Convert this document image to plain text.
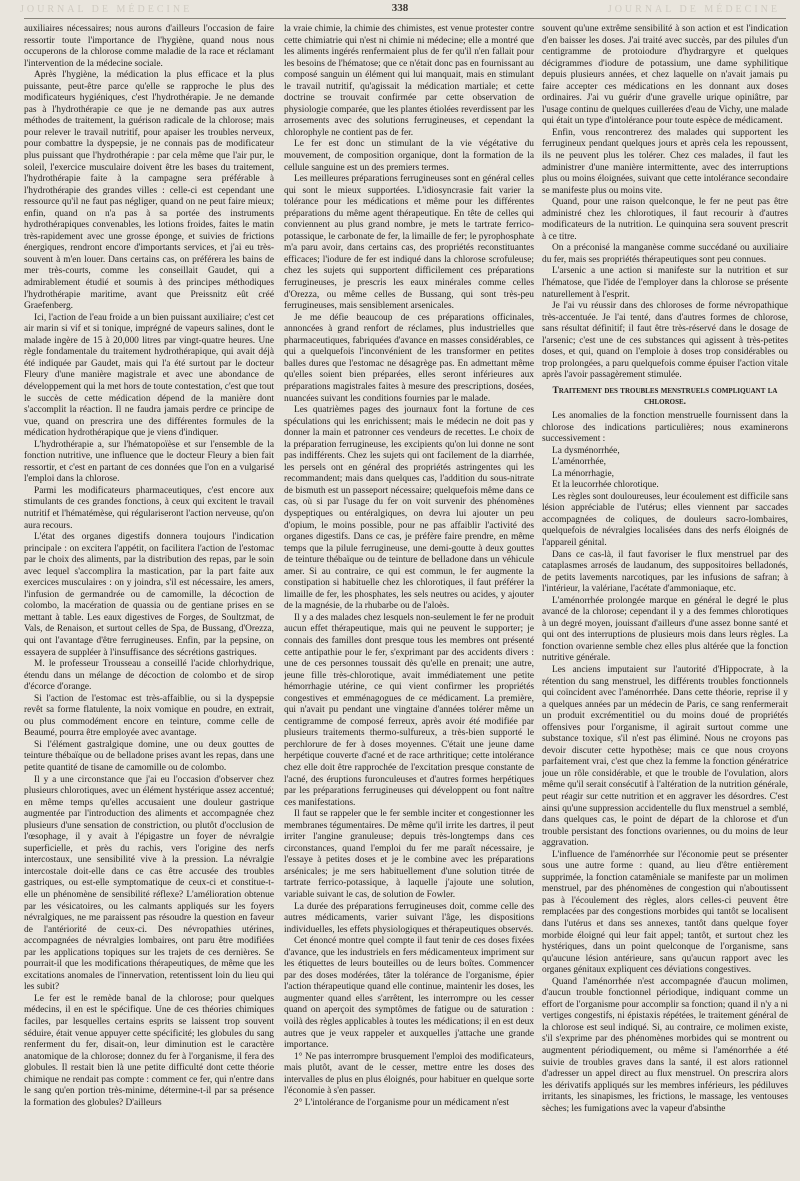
JOURNAL DE MÉDECINE	338	JOURNAL DE MÉDECINE

auxiliaires nécessaires; nous aurons d'ailleurs l'occasion de faire ressortir toute l'importance de l'hygiène, quand nous nous occuperons de la chlorose comme maladie de la race et réclamant l'intervention de la médecine sociale.

Après l'hygiène, la médication la plus efficace et la plus puissante, peut-être parce qu'elle se rapproche le plus des modificateurs hygiéniques, c'est l'hydrothérapie. Je ne demande pas à l'hydrothérapie ce que je ne demande pas aux autres méthodes de traitement, la guérison radicale de la chlorose; mais pour relever le travail nutritif, pour apaiser les troubles nerveux, pour combattre la dyspepsie, je ne connais pas de modificateur plus puissant que l'hydrothérapie : par cela même que l'air pur, le soleil, l'exercice musculaire doivent être les bases du traitement, l'hydrothérapie faite à la campagne sera préférable à l'hydrothérapie des grandes villes : celle-ci est cependant une ressource qu'il ne faut pas négliger, quand on ne peut faire mieux; enfin, quand on n'a pas à sa portée des instruments hydrothérapiques convenables, les lotions froides, faites le matin très-rapidement avec une grosse éponge, et suivies de frictions énergiques, rendront encore d'importants services, et j'ai eu très-souvent à m'en louer. Dans certains cas, on préférera les bains de mer très-courts, comme les conseillait Gaudet, qui a admirablement étudié et soumis à des principes méthodiques l'hydrothérapie maritime, avant que Preissnitz eût créé Graefenberg.

Ici, l'action de l'eau froide a un bien puissant auxiliaire; c'est cet air marin si vif et si tonique, imprégné de vapeurs salines, dont le malade ingère de 15 à 20,000 litres par vingt-quatre heures. Une règle fondamentale du traitement hydrothérapique, qui avait déjà été indiquée par Gaudet, mais qui l'a été surtout par le docteur Fleury d'une manière magistrale et avec une abondance de développement qui la met hors de toute contestation, c'est que tout le succès de cette médication dépend de la manière dont s'accomplit la réaction. Il ne faudra jamais perdre ce principe de vue, quand on prescrira une des différentes formules de la médication hydrothérapique que je viens d'indiquer.

L'hydrothérapie a, sur l'hématopoïèse et sur l'ensemble de la fonction nutritive, une influence que le docteur Fleury a bien fait ressortir, et c'est en partant de ces données que l'on en a vulgarisé l'emploi dans la chlorose.

Parmi les modificateurs pharmaceutiques, c'est encore aux stimulants de ces grandes fonctions, à ceux qui excitent le travail nutritif et l'hématémèse, qui régulariseront l'action nerveuse, qu'on aura recours.

L'état des organes digestifs donnera toujours l'indication principale : on excitera l'appétit, on facilitera l'action de l'estomac par le choix des aliments, par la distribution des repas, par le soin avec lequel s'accomplira la mastication, par la part faite aux exercices musculaires : on y joindra, s'il est nécessaire, les amers, l'infusion de germandrée ou de camomille, la décoction de colombo, la macération de quassia ou de gentiane prises en se mettant à table. Les eaux digestives de Forges, de Soultzmat, de Vals, de Renaison, et surtout celles de Spa, de Bussang, d'Orezza, qui ont l'avantage d'être ferrugineuses. Enfin, par la pepsine, on essayera de suppléer à l'insuffisance des sécrétions gastriques.

M. le professeur Trousseau a conseillé l'acide chlorhydrique, étendu dans un mélange de décoction de colombo et de sirop d'écorce d'orange.

Si l'action de l'estomac est très-affaiblie, ou si la dyspepsie revêt sa forme flatulente, la noix vomique en poudre, en extrait, ou plus commodément encore en teinture, comme celle de Beaumé, pourra être employée avec avantage.

Si l'élément gastralgique domine, une ou deux gouttes de teinture thébaïque ou de belladone prises avant les repas, dans une petite quantité de tisane de camomille ou de colombo.

Il y a une circonstance que j'ai eu l'occasion d'observer chez plusieurs chlorotiques, avec un élément hystérique assez accentué; en même temps qu'elles accusaient une douleur gastrique augmentée par l'introduction des aliments et accompagnée chez plusieurs d'une sensation de constriction, ou plutôt d'occlusion de l'œsophage, il y avait à l'épigastre un foyer de névralgie superficielle, et près du rachis, vers l'origine des nerfs intercostaux, une sensibilité vive à la pression. La névralgie intercostale doit-elle dans ce cas être accusée des troubles gastriques, ou est-elle symptomatique de ceux-ci et constitue-t-elle un phénomène de sensibilité réflexe? L'amélioration obtenue par les vésicatoires, ou les calmants appliqués sur les foyers névralgiques, ne me paraissent pas résoudre la question en faveur de l'antériorité de ceux-ci. Des névropathies utérines, accompagnées de névralgies lombaires, ont paru être modifiées par les applications topiques sur les trajets de ces dernières. Se pourrait-il que les modifications thérapeutiques, de même que les excitations anomales de l'innervation, retentissent loin du lieu qui les subit?

Le fer est le remède banal de la chlorose; pour quelques médecins, il en est le spécifique. Une de ces théories chimiques faciles, par lesquelles certains esprits se laissent trop souvent séduire, était venue appuyer cette spécificité; les globules du sang renferment du fer, disait-on, leur diminution est le caractère anatomique de la chlorose; donnez du fer à l'organisme, il fera des globules. Il restait bien là une petite difficulté dont cette théorie chimique ne rendait pas compte : comment ce fer, qui n'entre dans le sang qu'en portion très-minime, détermine-t-il par sa présence la formation des globules? D'ailleurs

la vraie chimie, la chimie des chimistes, est venue protester contre cette chimiatrie qui n'est ni chimie ni médecine; elle a montré que les aliments ingérés renfermaient plus de fer qu'il n'en fallait pour les besoins de l'hématose; que ce n'était donc pas en fournissant au composé sanguin un élément qui lui manquait, mais en stimulant le travail nutritif, qu'agissait la médication martiale; et cette doctrine se trouvait confirmée par cette observation de physiologie comparée, que les plantes étiolées reverdissent par les arrosements avec des solutions ferrugineuses, et cependant la chlorophyle ne contient pas de fer.

Le fer est donc un stimulant de la vie végétative du mouvement, de composition organique, dont la formation de la cellule sanguine est un des premiers termes.

Les meilleures préparations ferrugineuses sont en général celles qui sont le mieux supportées. L'idiosyncrasie fait varier la tolérance pour les médications et même pour les différentes préparations du même agent thérapeutique. En tête de celles qui conviennent au plus grand nombre, je mets le tartrate ferrico-potassique, le carbonate de fer, la limaille de fer; le pyrophosphate m'a paru avoir, dans certains cas, des propriétés reconstituantes efficaces; l'iodure de fer est indiqué dans la chlorose scrofuleuse; chez les sujets qui supportent difficilement ces préparations ferrugineuses, je prescris les eaux minérales comme celles d'Orezza, ou même celles de Bussang, qui sont très-peu ferrugineuses, mais sensiblement arsenicales.

Je me défie beaucoup de ces préparations officinales, annoncées à grand renfort de réclames, plus industrielles que pharmaceutiques, fabriquées d'avance en masses considérables, ce qui a quelquefois l'inconvénient de les transformer en petites balles dures que l'estomac ne désagrège pas. En admettant même qu'elles soient bien préparées, elles seront inférieures aux préparations magistrales faites à mesure des prescriptions, dosées, nuancées suivant les conditions fournies par le malade.

Les quatrièmes pages des journaux font la fortune de ces spéculations qui les enrichissent; mais le médecin ne doit pas y donner la main et patronner ces vendeurs de recettes. Le choix de la préparation ferrugineuse, les excipients qu'on lui donne ne sont pas indifférents. Chez les sujets qui ont facilement de la diarrhée, les persels ont en général des propriétés astringentes qui les recommandent; mais dans quelques cas, l'addition du sous-nitrate de bismuth est un passeport nécessaire; quelquefois même dans ce cas, où si par l'usage du fer on voit survenir des phénomènes dyspeptiques ou entéralgiques, on devra lui ajouter un peu d'opium, le moins possible, pour ne pas affaiblir l'activité des organes digestifs. Dans ce cas, je préfère faire prendre, en même temps que la pilule ferrugineuse, une demi-goutte à deux gouttes de teinture thébaïque ou de teinture de belladone dans un véhicule amer. Si au contraire, ce qui est commun, le fer augmente la constipation si habituelle chez les chlorotiques, il faut préférer la limaille de fer, les phosphates, les sels neutres ou acides, y ajouter de la magnésie, de la rhubarbe ou de l'aloès.

Il y a des malades chez lesquels non-seulement le fer ne produit aucun effet thérapeutique, mais qui ne peuvent le supporter; je connais des familles dont presque tous les membres ont présenté cette antipathie pour le fer, s'exprimant par des accidents divers : une de ces personnes toussait dès qu'elle en prenait; une autre, jeune fille très-chlorotique, avait immédiatement une petite hémorrhagie utérine, ce qui vient confirmer les propriétés congestives et emménagogues de ce médicament. La première, qui n'avait pu pendant une vingtaine d'années tolérer même un centigramme de composé ferreux, après avoir été modifiée par plusieurs traitements thermo-sulfureux, a très-bien supporté le perchlorure de fer à doses moyennes. C'était une jeune dame herpétique couverte d'acné et de race arthritique; cette intolérance chez elle doit être rapprochée de l'excitation presque constante de l'acné, des éruptions furonculeuses et d'autres formes herpétiques par les préparations ferrugineuses qui développent ou font naître ces manifestations.

Il faut se rappeler que le fer semble inciter et congestionner les membranes tégumentaires. De même qu'il irrite les dartres, il peut irriter l'angine granuleuse; depuis très-longtemps dans ces circonstances, quand l'emploi du fer me paraît nécessaire, je l'essaye à petites doses et je le combine avec les préparations arsénicales; je me sers habituellement d'une solution titrée de tartrate ferrico-potassique, à laquelle j'ajoute une solution, variable suivant le cas, de solution de Fowler.

La durée des préparations ferrugineuses doit, comme celle des autres médicaments, varier suivant l'âge, les dispositions individuelles, les effets physiologiques et thérapeutiques observés.

Cet énoncé montre quel compte il faut tenir de ces doses fixées d'avance, que les industriels en fers médicamenteux impriment sur les étiquettes de leurs bouteilles ou de leurs boîtes. Commencer par des doses modérées, tâter la tolérance de l'organisme, épier l'action thérapeutique quand elle continue, maintenir les doses, les augmenter quand elles s'arrêtent, les interrompre ou les cesser quand on aperçoit des symptômes de fatigue ou de saturation : voilà des règles applicables à toutes les médications; il en est deux autres que je veux rappeler et auxquelles j'attache une grande importance.

1° Ne pas interrompre brusquement l'emploi des modificateurs, mais plutôt, avant de le cesser, mettre entre les doses des intervalles de plus en plus éloignés, pour habituer en quelque sorte l'économie à s'en passer.

2° L'intolérance de l'organisme pour un médicament n'est

souvent qu'une extrême sensibilité à son action et est l'indication d'en baisser les doses. J'ai traité avec succès, par des pilules d'un centigramme de protoiodure d'hydrargyre et quelques décigrammes d'iodure de potassium, une dame syphilitique depuis plusieurs années, et chez laquelle on n'avait jamais pu faire accepter ces médications en les donnant aux doses ordinaires. J'ai vu guérir d'une gravelle urique opiniâtre, par l'usage continu de quelques cuillerées d'eau de Vichy, une malade qui était un type d'intolérance pour toute espèce de médicament.

Enfin, vous rencontrerez des malades qui supportent les ferrugineux pendant quelques jours et après cela les repoussent, ils ne peuvent plus les tolérer. Chez ces malades, il faut les administrer d'une manière intermittente, avec des interruptions plus ou moins éloignées, suivant que cette intolérance secondaire se manifeste plus ou moins vite.

Quand, pour une raison quelconque, le fer ne peut pas être administré chez les chlorotiques, il faut recourir à d'autres modificateurs de la nutrition. Le quinquina sera souvent prescrit à ce titre.

On a préconisé la manganèse comme succédané ou auxiliaire du fer, mais ses propriétés thérapeutiques sont peu connues.

L'arsenic a une action si manifeste sur la nutrition et sur l'hématose, que l'idée de l'employer dans la chlorose se présente naturellement à l'esprit.

Je l'ai vu réussir dans des chloroses de forme névropathique très-accentuée. Je l'ai tenté, dans d'autres formes de chlorose, sans résultat définitif; il faut être très-réservé dans le dosage de l'arsenic; c'est une de ces substances qui agissent à très-petites doses, et qui, quand on l'emploie à doses trop considérables ou trop prolongées, a paru quelquefois comme épuiser l'action vitale après l'avoir passagèrement stimulée.

Traitement des troubles menstruels compliquant la chlorose.

Les anomalies de la fonction menstruelle fournissent dans la chlorose des indications particulières; nous examinerons successivement :

La dysménorrhée,

L'aménorrhée,

La ménorrhagie,

Et la leucorrhée chlorotique.

Les règles sont douloureuses, leur écoulement est difficile sans lésion appréciable de l'utérus; elles viennent par saccades accompagnées de coliques, de douleurs sacro-lombaires, quelquefois de névralgies localisées dans des nerfs éloignés de l'appareil génital.

Dans ce cas-là, il faut favoriser le flux menstruel par des cataplasmes arrosés de laudanum, des suppositoires belladonés, de petits lavements narcotiques, par les infusions de safran; à l'intérieur, la valériane, l'acétate d'ammoniaque, etc.

L'aménorrhée prolongée marque en général le degré le plus avancé de la chlorose; cependant il y a des femmes chlorotiques à un degré moyen, jouissant d'ailleurs d'une assez bonne santé et qui ont des interruptions de plusieurs mois dans leurs règles. La fonction ovarienne semble chez elles plus altérée que la fonction nutritive générale.

Les anciens imputaient sur l'autorité d'Hippocrate, à la rétention du sang menstruel, les différents troubles fonctionnels qui coïncident avec l'aménorrhée. Dans cette théorie, reprise il y a quelques années par un médecin de Paris, ce sang renfermerait un produit excrémentitiel ou du moins doué de propriétés offensives pour l'organisme, il agirait surtout comme une substance toxique, s'il n'est pas éliminé. Nous ne croyons pas devoir discuter cette hypothèse; mais ce que nous croyons parfaitement vrai, c'est que chez la femme la fonction génératrice joue un rôle considérable, et que le trouble de l'ovulation, alors même qu'il serait consécutif à l'altération de la nutrition générale, peut réagir sur cette nutrition et en aggraver les désordres. C'est ainsi qu'une suppression accidentelle du flux menstruel a semblé, dans quelques cas, le point de départ de la chlorose et d'un trouble persistant des fonctions ovariennes, ou du moins de leur aggravation.

L'influence de l'aménorrhée sur l'économie peut se présenter sous une autre forme : quand, au lieu d'être entièrement supprimée, la fonction catamêniale se manifeste par un molimen menstruel, par des phénomènes de congestion qui n'aboutissent pas à l'écoulement des règles, alors celles-ci peuvent être remplacées par des congestions morbides qui tantôt se localisent dans l'utérus et dans ses annexes, tantôt dans quelque foyer morbide éloigné qui leur fait appel; tantôt, et surtout chez les hystériques, dans un point quelconque de l'organisme, sans qu'aucune lésion antérieure, sans qu'aucun rapport avec les organes génitaux expliquent ces déviations congestives.

Quand l'aménorrhée n'est accompagnée d'aucun molimen, d'aucun trouble fonctionnel périodique, indiquant comme un effort de l'organisme pour accomplir sa fonction; quand il n'y a ni vertiges congestifs, ni épistaxis répétées, le traitement général de la chlorose est seul indiqué. Si, au contraire, ce molimen existe, s'il s'exprime par des phénomènes morbides qui se montrent ou augmentent périodiquement, ou même si l'aménorrhée a été suivie de troubles graves dans la santé, il est alors rationnel d'adresser un appel direct au flux menstruel. On prescrira alors les dérivatifs appliqués sur les membres inférieurs, les pédiluves irritants, les sinapismes, les frictions, le massage, les ventouses sèches; les fumigations avec la vapeur d'absinthe
